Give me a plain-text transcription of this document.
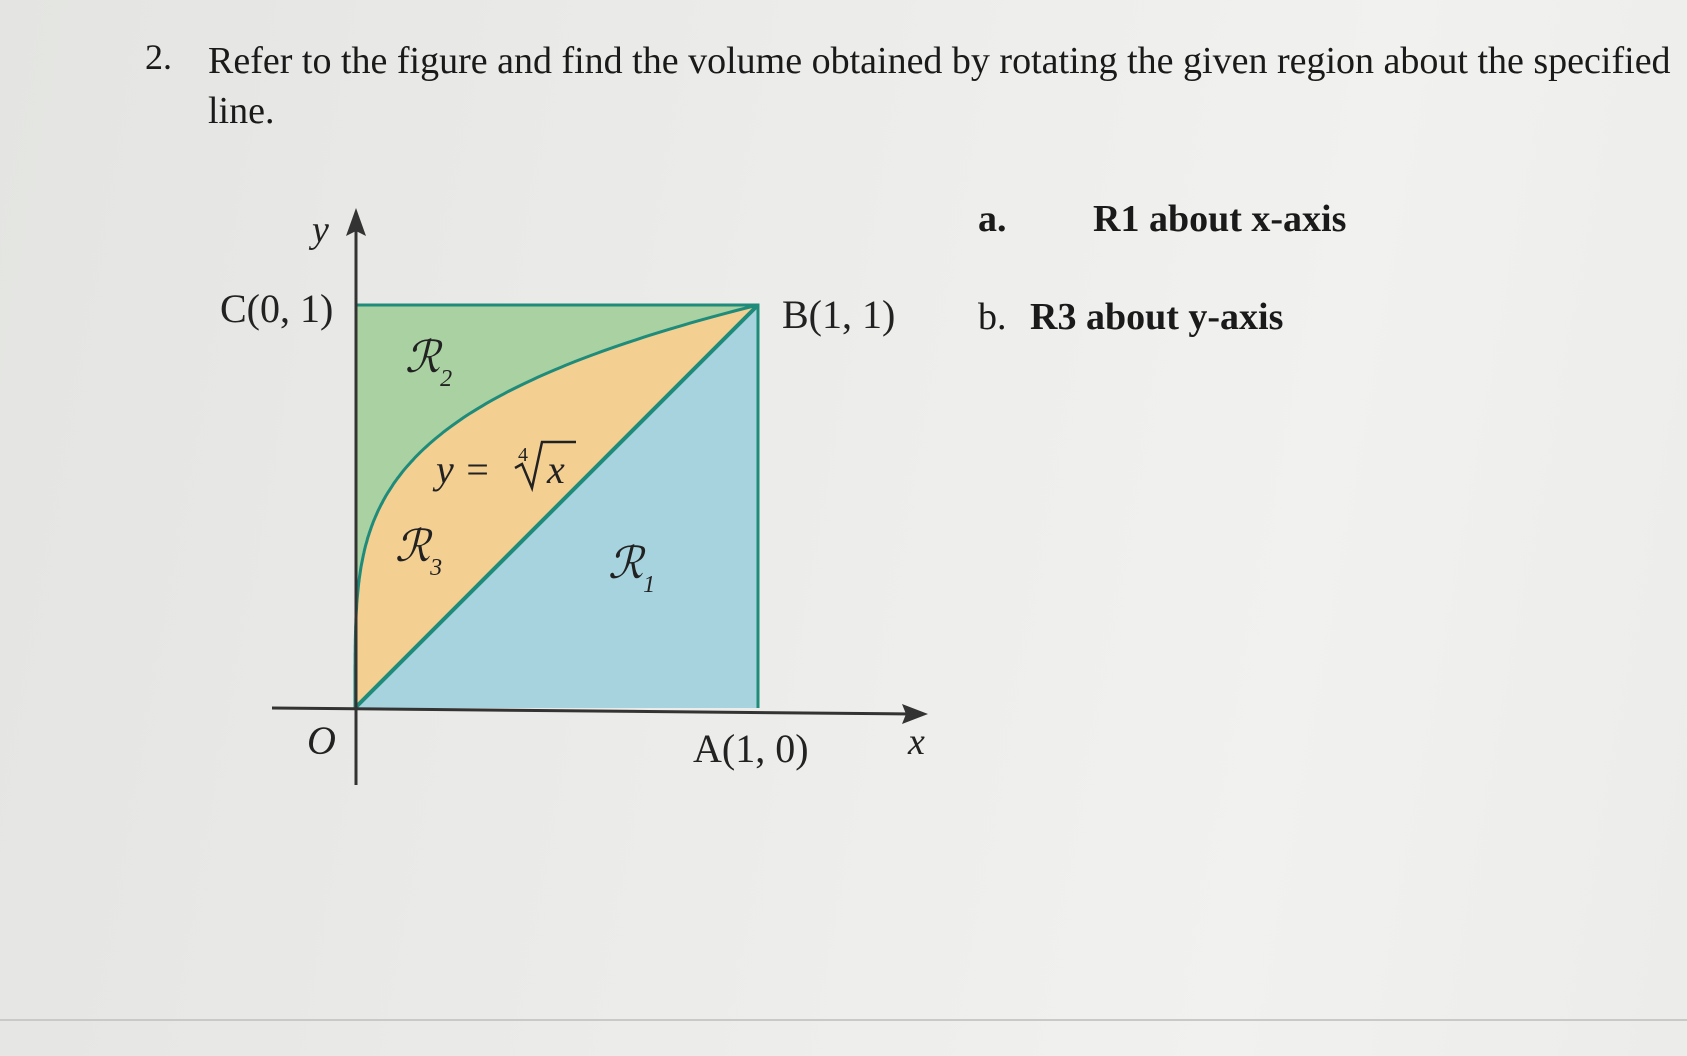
2. Refer to the figure and find the volume obtained by rotating the given region about the specified line.
y
x
O
C(0, 1)	B(1, 1)
A(1, 0)
ℛ$_2$
ℛ$_3$	ℛ$_1$
y = 4 x
a. R1 about x-axis
b. R3 about y-axis
